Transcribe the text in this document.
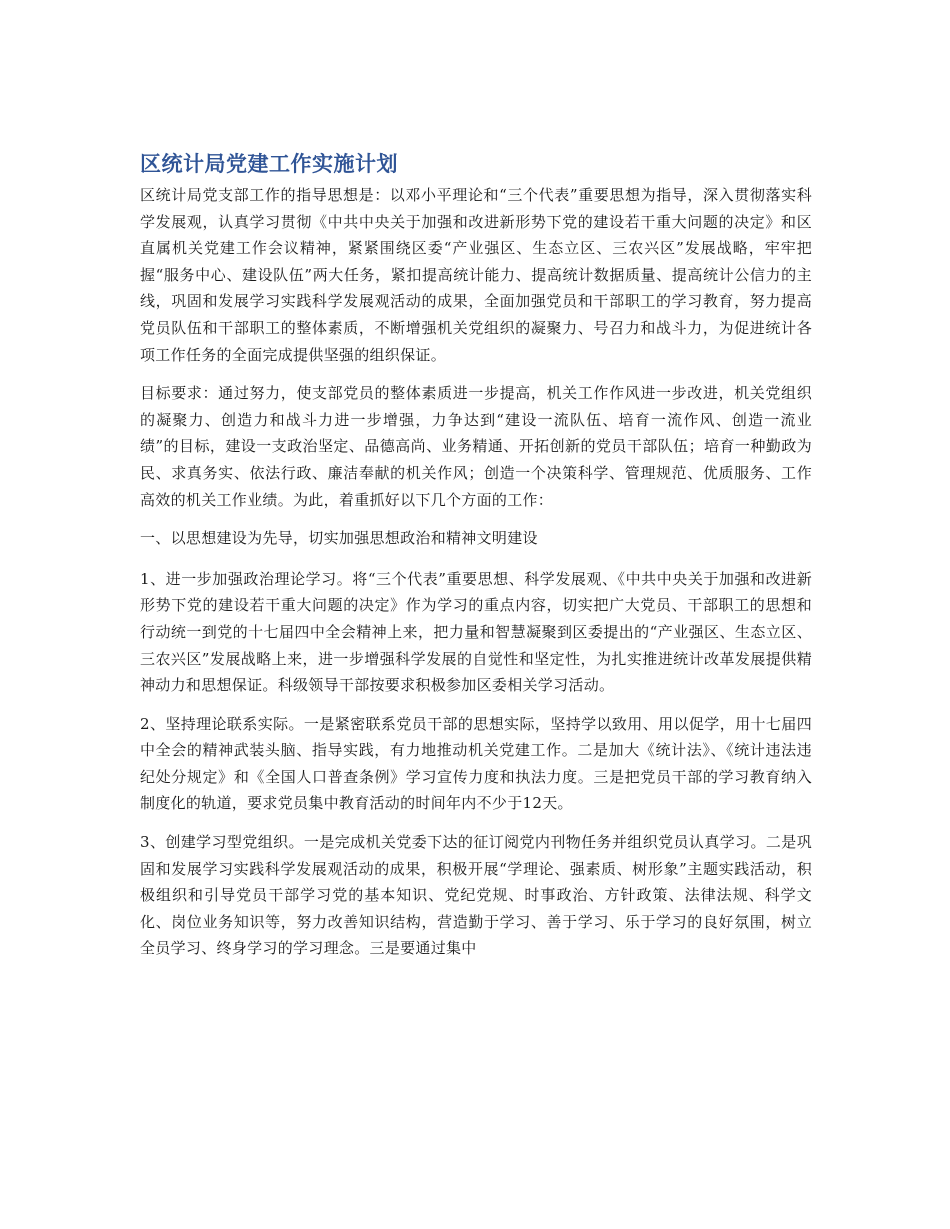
区统计局党建工作实施计划

区统计局党支部工作的指导思想是：以邓小平理论和“三个代表”重要思想为指导，深入贯彻落实科学发展观，认真学习贯彻《中共中央关于加强和改进新形势下党的建设若干重大问题的决定》和区直属机关党建工作会议精神，紧紧围绕区委“产业强区、生态立区、三农兴区”发展战略，牢牢把握“服务中心、建设队伍”两大任务，紧扣提高统计能力、提高统计数据质量、提高统计公信力的主线，巩固和发展学习实践科学发展观活动的成果，全面加强党员和干部职工的学习教育，努力提高党员队伍和干部职工的整体素质，不断增强机关党组织的凝聚力、号召力和战斗力，为促进统计各项工作任务的全面完成提供坚强的组织保证。

目标要求：通过努力，使支部党员的整体素质进一步提高，机关工作作风进一步改进，机关党组织的凝聚力、创造力和战斗力进一步增强，力争达到“建设一流队伍、培育一流作风、创造一流业绩”的目标，建设一支政治坚定、品德高尚、业务精通、开拓创新的党员干部队伍；培育一种勤政为民、求真务实、依法行政、廉洁奉献的机关作风；创造一个决策科学、管理规范、优质服务、工作高效的机关工作业绩。为此，着重抓好以下几个方面的工作：

一、以思想建设为先导，切实加强思想政治和精神文明建设

1、进一步加强政治理论学习。将“三个代表”重要思想、科学发展观、《中共中央关于加强和改进新形势下党的建设若干重大问题的决定》作为学习的重点内容，切实把广大党员、干部职工的思想和行动统一到党的十七届四中全会精神上来，把力量和智慧凝聚到区委提出的“产业强区、生态立区、三农兴区”发展战略上来，进一步增强科学发展的自觉性和坚定性，为扎实推进统计改革发展提供精神动力和思想保证。科级领导干部按要求积极参加区委相关学习活动。

2、坚持理论联系实际。一是紧密联系党员干部的思想实际，坚持学以致用、用以促学，用十七届四中全会的精神武装头脑、指导实践，有力地推动机关党建工作。二是加大《统计法》、《统计违法违纪处分规定》和《全国人口普查条例》学习宣传力度和执法力度。三是把党员干部的学习教育纳入制度化的轨道，要求党员集中教育活动的时间年内不少于12天。

3、创建学习型党组织。一是完成机关党委下达的征订阅党内刊物任务并组织党员认真学习。二是巩固和发展学习实践科学发展观活动的成果，积极开展“学理论、强素质、树形象”主题实践活动，积极组织和引导党员干部学习党的基本知识、党纪党规、时事政治、方针政策、法律法规、科学文化、岗位业务知识等，努力改善知识结构，营造勤于学习、善于学习、乐于学习的良好氛围，树立全员学习、终身学习的学习理念。三是要通过集中
